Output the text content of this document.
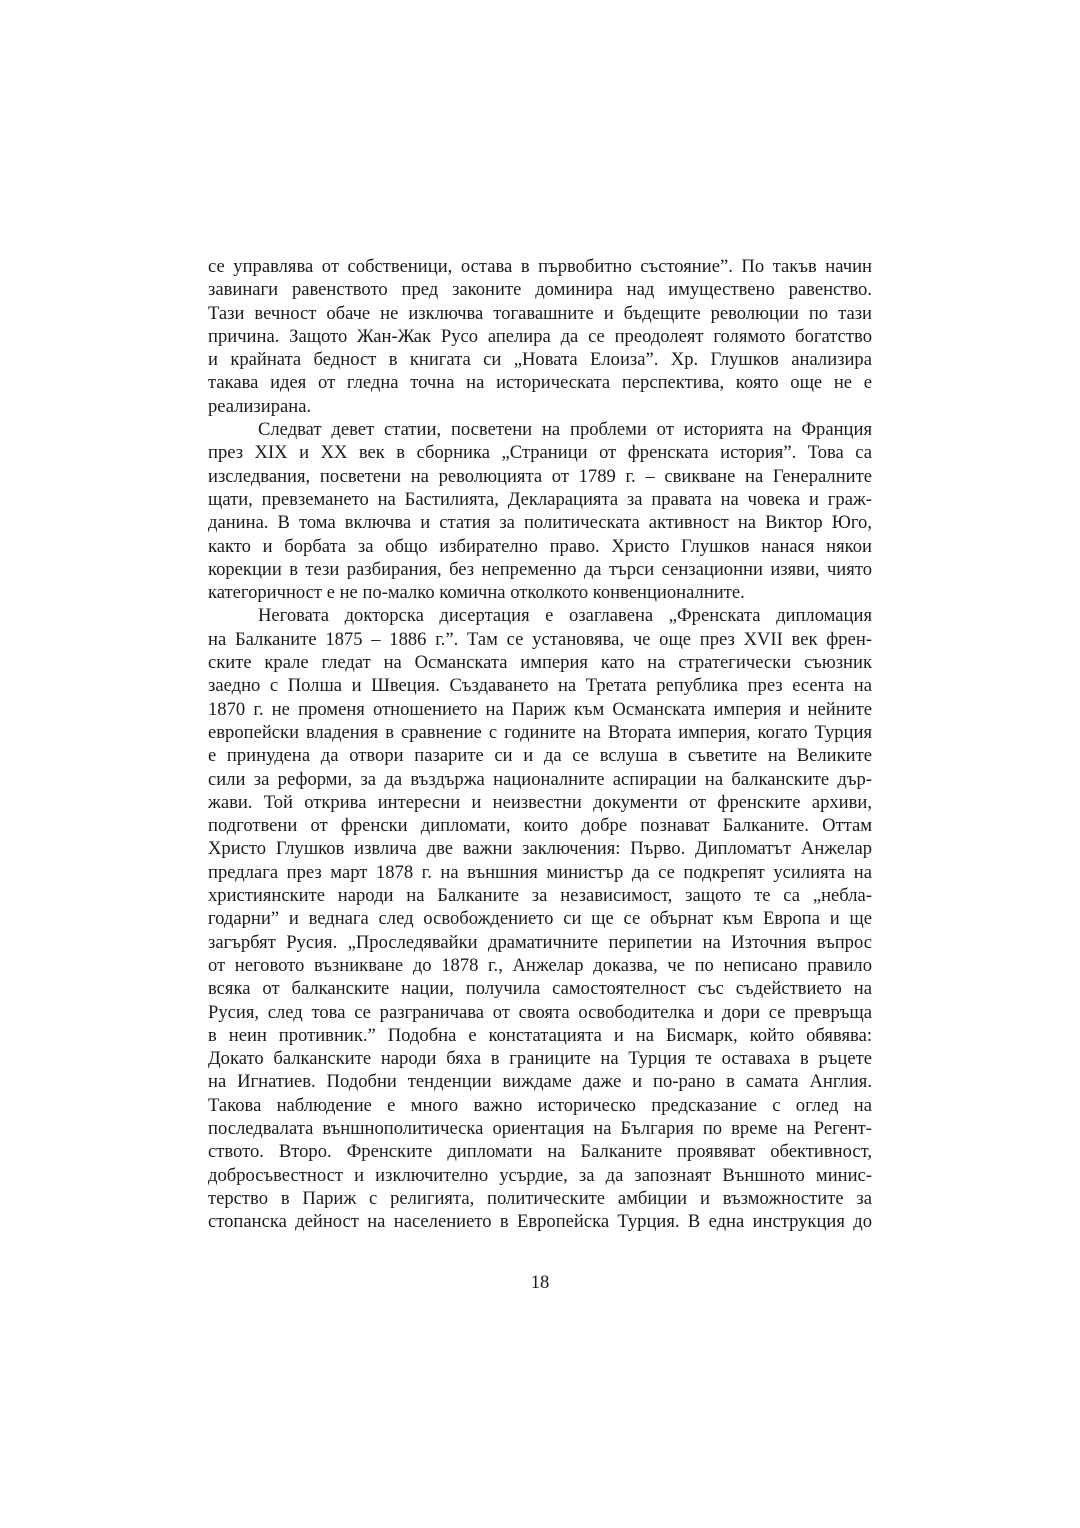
се управлява от собственици, остава в първобитно състояние”. По такъв начин
завинаги равенството пред законите доминира над имуществено равенство.
Тази вечност обаче не изключва тогавашните и бъдещите революции по тази
причина. Защото Жан-Жак Русо апелира да се преодолеят голямото богатство
и крайната бедност в книгата си „Новата Елоиза”. Хр. Глушков анализира
такава идея от гледна точна на историческата перспектива, която още не е
реализирана.

Следват девет статии, посветени на проблеми от историята на Франция
през XIX и XX век в сборника „Страници от френската история”. Това са
изследвания, посветени на революцията от 1789 г. – свикване на Генералните
щати, превземането на Бастилията, Декларацията за правата на човека и граж-
данина. В тома включва и статия за политическата активност на Виктор Юго,
както и борбата за общо избирателно право. Христо Глушков нанася някои
корекции в тези разбирания, без непременно да търси сензационни изяви, чиято
категоричност е не по-малко комична отколкото конвенционалните.

Неговата докторска дисертация е озаглавена „Френската дипломация
на Балканите 1875 – 1886 г.”. Там се установява, че още през XVII век френ-
ските крале гледат на Османската империя като на стратегически съюзник
заедно с Полша и Швеция. Създаването на Третата република през есента на
1870 г. не променя отношението на Париж към Османската империя и нейните
европейски владения в сравнение с годините на Втората империя, когато Турция
е принудена да отвори пазарите си и да се вслуша в съветите на Великите
сили за реформи, за да въздържа националните аспирации на балканските дър-
жави. Той открива интересни и неизвестни документи от френските архиви,
подготвени от френски дипломати, които добре познават Балканите. Оттам
Христо Глушков извлича две важни заключения: Първо. Дипломатът Анжелар
предлага през март 1878 г. на външния министър да се подкрепят усилията на
християнските народи на Балканите за независимост, защото те са „небла-
годарни” и веднага след освобождението си ще се обърнат към Европа и ще
загърбят Русия. „Проследявайки драматичните перипетии на Източния въпрос
от неговото възникване до 1878 г., Анжелар доказва, че по неписано правило
всяка от балканските нации, получила самостоятелност със съдействието на
Русия, след това се разграничава от своята освободителка и дори се превръща
в неин противник.” Подобна е констатацията и на Бисмарк, който обявява:
Докато балканските народи бяха в границите на Турция те оставаха в ръцете
на Игнатиев. Подобни тенденции виждаме даже и по-рано в самата Англия.
Такова наблюдение е много важно историческо предсказание с оглед на
последвалата външнополитическа ориентация на България по време на Регент-
ството. Второ. Френските дипломати на Балканите проявяват обективност,
добросъвестност и изключително усърдие, за да запознаят Външното минис-
терство в Париж с религията, политическите амбиции и възможностите за
стопанска дейност на населението в Европейска Турция. В една инструкция до

18
